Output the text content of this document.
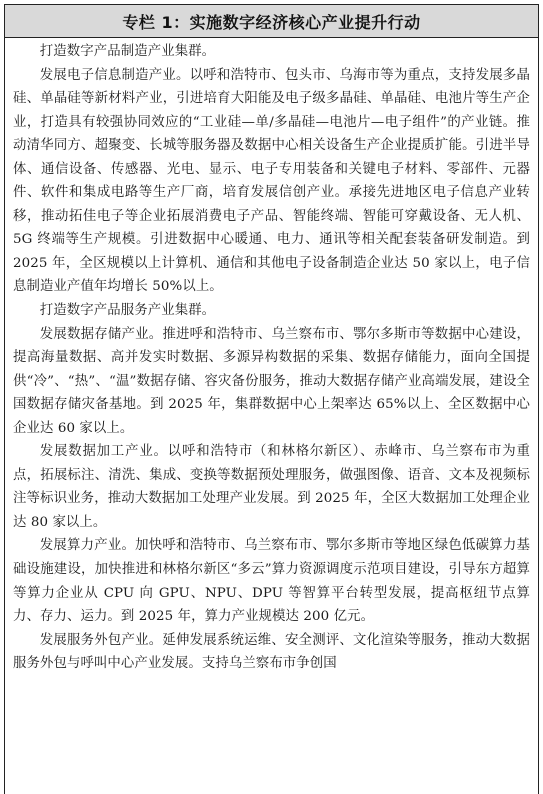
专栏 1：实施数字经济核心产业提升行动

打造数字产品制造产业集群。

发展电子信息制造产业。以呼和浩特市、包头市、乌海市等为重点，支持发展多晶硅、单晶硅等新材料产业，引进培育大阳能及电子级多晶硅、单晶硅、电池片等生产企业，打造具有较强协同效应的“工业硅—单/多晶硅—电池片—电子组件”的产业链。推动清华同方、超聚变、长城等服务器及数据中心相关设备生产企业提质扩能。引进半导体、通信设备、传感器、光电、显示、电子专用装备和关键电子材料、零部件、元器件、软件和集成电路等生产厂商，培育发展信创产业。承接先进地区电子信息产业转移，推动拓佳电子等企业拓展消费电子产品、智能终端、智能可穿戴设备、无人机、5G 终端等生产规模。引进数据中心暖通、电力、通讯等相关配套装备研发制造。到 2025 年，全区规模以上计算机、通信和其他电子设备制造企业达 50 家以上，电子信息制造业产值年均增长 50%以上。

打造数字产品服务产业集群。

发展数据存储产业。推进呼和浩特市、乌兰察布市、鄂尔多斯市等数据中心建设，提高海量数据、高并发实时数据、多源异构数据的采集、数据存储能力，面向全国提供“冷”、“热”、“温”数据存储、容灾备份服务，推动大数据存储产业高端发展，建设全国数据存储灾备基地。到 2025 年，集群数据中心上架率达 65%以上、全区数据中心企业达 60 家以上。

发展数据加工产业。以呼和浩特市（和林格尔新区）、赤峰市、乌兰察布市为重点，拓展标注、清洗、集成、变换等数据预处理服务，做强图像、语音、文本及视频标注等标识业务，推动大数据加工处理产业发展。到 2025 年，全区大数据加工处理企业达 80 家以上。

发展算力产业。加快呼和浩特市、乌兰察布市、鄂尔多斯市等地区绿色低碳算力基础设施建设，加快推进和林格尔新区“多云”算力资源调度示范项目建设，引导东方超算等算力企业从 CPU 向 GPU、NPU、DPU 等智算平台转型发展，提高枢纽节点算力、存力、运力。到 2025 年，算力产业规模达 200 亿元。

发展服务外包产业。延伸发展系统运维、安全测评、文化渲染等服务，推动大数据服务外包与呼叫中心产业发展。支持乌兰察布市争创国
